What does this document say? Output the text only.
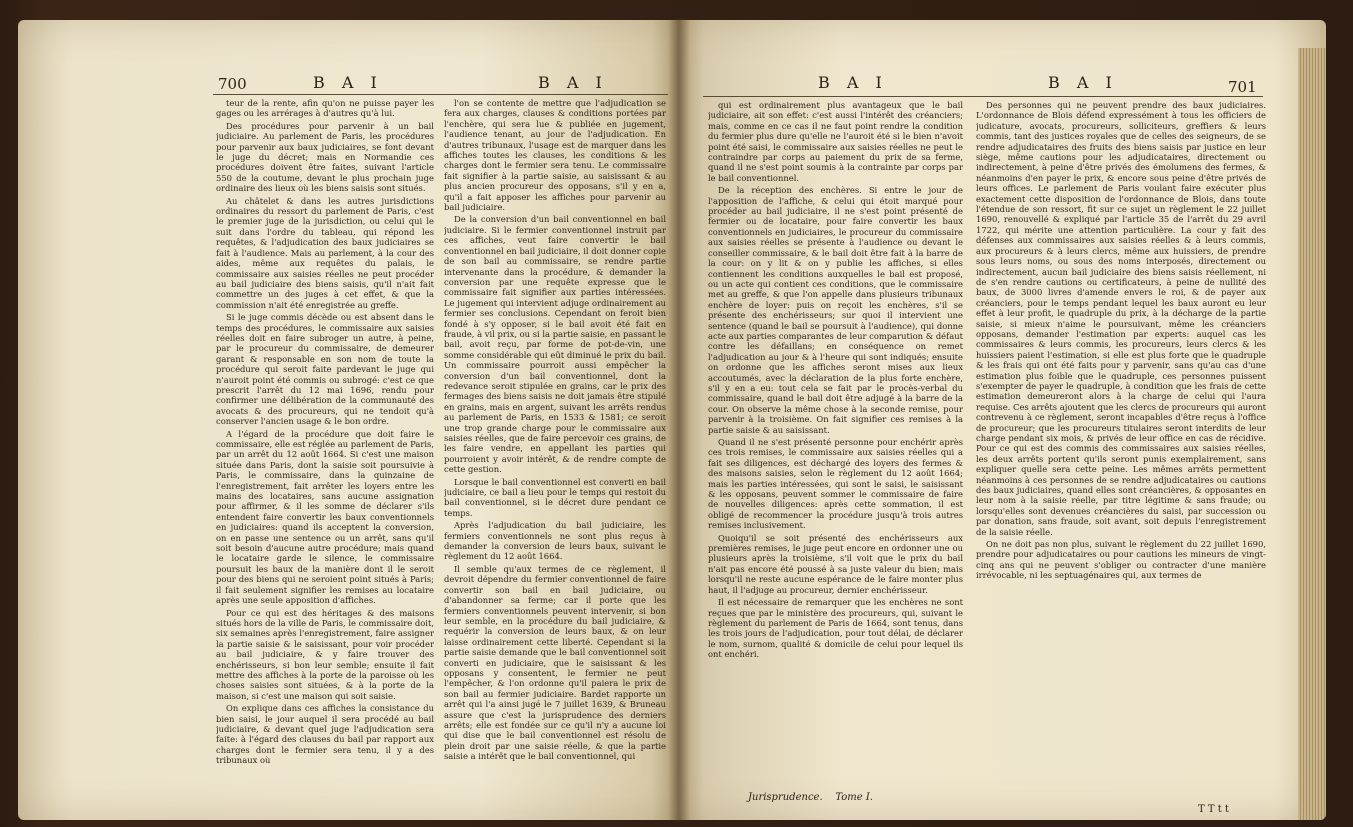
700	B A I	B A I

teur de la rente, afin qu'on ne puisse payer les gages ou les arrérages à d'autres qu'à lui.

Des procédures pour parvenir à un bail judiciaire. Au parlement de Paris, les procédures pour parvenir aux baux judiciaires, se font devant le juge du décret; mais en Normandie ces procédures doivent être faites, suivant l'article 550 de la coutume, devant le plus prochain juge ordinaire des lieux où les biens saisis sont situés.

Au châtelet & dans les autres jurisdictions ordinaires du ressort du parlement de Paris, c'est le premier juge de la jurisdiction, ou celui qui le suit dans l'ordre du tableau, qui répond les requêtes, & l'adjudication des baux judiciaires se fait à l'audience. Mais au parlement, à la cour des aides, même aux requêtes du palais, le commissaire aux saisies réelles ne peut procéder au bail judiciaire des biens saisis, qu'il n'ait fait commettre un des juges à cet effet, & que la commission n'ait été enregistrée au greffe.

Si le juge commis décède ou est absent dans le temps des procédures, le commissaire aux saisies réelles doit en faire subroger un autre, à peine, par le procureur du commissaire, de demeurer garant & responsable en son nom de toute la procédure qui seroit faite pardevant le juge qui n'auroit point été commis ou subrogé: c'est ce que prescrit l'arrêt du 12 mai 1696, rendu pour confirmer une délibération de la communauté des avocats & des procureurs, qui ne tendoit qu'à conserver l'ancien usage & le bon ordre.

A l'égard de la procédure que doit faire le commissaire, elle est réglée au parlement de Paris, par un arrêt du 12 août 1664. Si c'est une maison située dans Paris, dont la saisie soit poursuivie à Paris, le commissaire, dans la quinzaine de l'enregistrement, fait arrêter les loyers entre les mains des locataires, sans aucune assignation pour affirmer, & il les somme de déclarer s'ils entendent faire convertir les baux conventionnels en judiciaires: quand ils acceptent la conversion, on en passe une sentence ou un arrêt, sans qu'il soit besoin d'aucune autre procédure; mais quand le locataire garde le silence, le commissaire poursuit les baux de la manière dont il le seroit pour des biens qui ne seroient point situés à Paris; il fait seulement signifier les remises au locataire après une seule apposition d'affiches.

Pour ce qui est des héritages & des maisons situés hors de la ville de Paris, le commissaire doit, six semaines après l'enregistrement, faire assigner la partie saisie & le saisissant, pour voir procéder au bail judiciaire, & y faire trouver des enchérisseurs, si bon leur semble; ensuite il fait mettre des affiches à la porte de la paroisse où les choses saisies sont situées, & à la porte de la maison, si c'est une maison qui soit saisie.

On explique dans ces affiches la consistance du bien saisi, le jour auquel il sera procédé au bail judiciaire, & devant quel juge l'adjudication sera faite: à l'égard des clauses du bail par rapport aux charges dont le fermier sera tenu, il y a des tribunaux où

l'on se contente de mettre que l'adjudication se fera aux charges, clauses & conditions portées par l'enchère, qui sera lue & publiée en jugement, l'audience tenant, au jour de l'adjudication. En d'autres tribunaux, l'usage est de marquer dans les affiches toutes les clauses, les conditions & les charges dont le fermier sera tenu. Le commissaire fait signifier à la partie saisie, au saisissant & au plus ancien procureur des opposans, s'il y en a, qu'il a fait apposer les affiches pour parvenir au bail judiciaire.

De la conversion d'un bail conventionnel en bail judiciaire. Si le fermier conventionnel instruit par ces affiches, veut faire convertir le bail conventionnel en bail judiciaire, il doit donner copie de son bail au commissaire, se rendre partie intervenante dans la procédure, & demander la conversion par une requête expresse que le commissaire fait signifier aux parties intéressées. Le jugement qui intervient adjuge ordinairement au fermier ses conclusions. Cependant on feroit bien fondé à s'y opposer, si le bail avoit été fait en fraude, à vil prix, ou si la partie saisie, en passant le bail, avoit reçu, par forme de pot-de-vin, une somme considérable qui eût diminué le prix du bail. Un commissaire pourroit aussi empêcher la conversion d'un bail conventionnel, dont la redevance seroit stipulée en grains, car le prix des fermages des biens saisis ne doit jamais être stipulé en grains, mais en argent, suivant les arrêts rendus au parlement de Paris, en 1533 & 1581; ce seroit une trop grande charge pour le commissaire aux saisies réelles, que de faire percevoir ces grains, de les faire vendre, en appellant les parties qui pourroient y avoir intérêt, & de rendre compte de cette gestion.

Lorsque le bail conventionnel est converti en bail judiciaire, ce bail a lieu pour le temps qui restoit du bail conventionnel, si le décret dure pendant ce temps.

Après l'adjudication du bail judiciaire, les fermiers conventionnels ne sont plus reçus à demander la conversion de leurs baux, suivant le règlement du 12 août 1664.

Il semble qu'aux termes de ce règlement, il devroit dépendre du fermier conventionnel de faire convertir son bail en bail judiciaire, ou d'abandonner sa ferme; car il porte que les fermiers conventionnels peuvent intervenir, si bon leur semble, en la procédure du bail judiciaire, & requérir la conversion de leurs baux, & on leur laisse ordinairement cette liberté. Cependant si la partie saisie demande que le bail conventionnel soit converti en judiciaire, que le saisissant & les opposans y consentent, le fermier ne peut l'empêcher, & l'on ordonne qu'il paiera le prix de son bail au fermier judiciaire. Bardet rapporte un arrêt qui l'a ainsi jugé le 7 juillet 1639, & Bruneau assure que c'est la jurisprudence des derniers arrêts; elle est fondée sur ce qu'il n'y a aucune loi qui dise que le bail conventionnel est résolu de plein droit par une saisie réelle, & que la partie saisie a intérêt que le bail conventionnel, qui

B A I	B A I	701

qui est ordinairement plus avantageux que le bail judiciaire, ait son effet: c'est aussi l'intérêt des créanciers; mais, comme en ce cas il ne faut point rendre la condition du fermier plus dure qu'elle ne l'auroit été si le bien n'avoit point été saisi, le commissaire aux saisies réelles ne peut le contraindre par corps au paiement du prix de sa ferme, quand il ne s'est point soumis à la contrainte par corps par le bail conventionnel.

De la réception des enchères. Si entre le jour de l'apposition de l'affiche, & celui qui étoit marqué pour procéder au bail judiciaire, il ne s'est point présenté de fermier ou de locataire, pour faire convertir les baux conventionnels en judiciaires, le procureur du commissaire aux saisies réelles se présente à l'audience ou devant le conseiller commissaire, & le bail doit être fait à la barre de la cour: on y lit & on y publie les affiches, si elles contiennent les conditions auxquelles le bail est proposé, ou un acte qui contient ces conditions, que le commissaire met au greffe, & que l'on appelle dans plusieurs tribunaux enchère de loyer: puis on reçoit les enchères, s'il se présente des enchérisseurs; sur quoi il intervient une sentence (quand le bail se poursuit à l'audience), qui donne acte aux parties comparantes de leur comparution & défaut contre les défaillans; en conséquence on remet l'adjudication au jour & à l'heure qui sont indiqués; ensuite on ordonne que les affiches seront mises aux lieux accoutumés, avec la déclaration de la plus forte enchère, s'il y en a eu: tout cela se fait par le procès-verbal du commissaire, quand le bail doit être adjugé à la barre de la cour. On observe la même chose à la seconde remise, pour parvenir à la troisième. On fait signifier ces remises à la partie saisie & au saisissant.

Quand il ne s'est présenté personne pour enchérir après ces trois remises, le commissaire aux saisies réelles qui a fait ses diligences, est déchargé des loyers des fermes & des maisons saisies, selon le règlement du 12 août 1664; mais les parties intéressées, qui sont le saisi, le saisissant & les opposans, peuvent sommer le commissaire de faire de nouvelles diligences: après cette sommation, il est obligé de recommencer la procédure jusqu'à trois autres remises inclusivement.

Quoiqu'il se soit présenté des enchérisseurs aux premières remises, le juge peut encore en ordonner une ou plusieurs après la troisième, s'il voit que le prix du bail n'ait pas encore été poussé à sa juste valeur du bien; mais lorsqu'il ne reste aucune espérance de le faire monter plus haut, il l'adjuge au procureur, dernier enchérisseur.

Il est nécessaire de remarquer que les enchères ne sont reçues que par le ministère des procureurs, qui, suivant le règlement du parlement de Paris de 1664, sont tenus, dans les trois jours de l'adjudication, pour tout délai, de déclarer le nom, surnom, qualité & domicile de celui pour lequel ils ont enchéri.

Jurisprudence.    Tome I.

Des personnes qui ne peuvent prendre des baux judiciaires. L'ordonnance de Blois défend expressément à tous les officiers de judicature, avocats, procureurs, solliciteurs, greffiers & leurs commis, tant des justices royales que de celles des seigneurs, de se rendre adjudicataires des fruits des biens saisis par justice en leur siège, même cautions pour les adjudicataires, directement ou indirectement, à peine d'être privés des émolumens des fermes, & néanmoins d'en payer le prix, & encore sous peine d'être privés de leurs offices. Le parlement de Paris voulant faire exécuter plus exactement cette disposition de l'ordonnance de Blois, dans toute l'étendue de son ressort, fit sur ce sujet un règlement le 22 juillet 1690, renouvellé & expliqué par l'article 35 de l'arrêt du 29 avril 1722, qui mérite une attention particulière. La cour y fait des défenses aux commissaires aux saisies réelles & à leurs commis, aux procureurs & à leurs clercs, même aux huissiers, de prendre sous leurs noms, ou sous des noms interposés, directement ou indirectement, aucun bail judiciaire des biens saisis réellement, ni de s'en rendre cautions ou certificateurs, à peine de nullité des baux, de 3000 livres d'amende envers le roi, & de payer aux créanciers, pour le temps pendant lequel les baux auront eu leur effet à leur profit, le quadruple du prix, à la décharge de la partie saisie, si mieux n'aime le poursuivant, même les créanciers opposans, demander l'estimation par experts: auquel cas les commissaires & leurs commis, les procureurs, leurs clercs & les huissiers paient l'estimation, si elle est plus forte que le quadruple & les frais qui ont été faits pour y parvenir, sans qu'au cas d'une estimation plus foible que le quadruple, ces personnes puissent s'exempter de payer le quadruple, à condition que les frais de cette estimation demeureront alors à la charge de celui qui l'aura requise. Ces arrêts ajoutent que les clercs de procureurs qui auront contrevenu à ce règlement, seront incapables d'être reçus à l'office de procureur; que les procureurs titulaires seront interdits de leur charge pendant six mois, & privés de leur office en cas de récidive. Pour ce qui est des commis des commissaires aux saisies réelles, les deux arrêts portent qu'ils seront punis exemplairement, sans expliquer quelle sera cette peine. Les mêmes arrêts permettent néanmoins à ces personnes de se rendre adjudicataires ou cautions des baux judiciaires, quand elles sont créancières, & opposantes en leur nom à la saisie réelle, par titre légitime & sans fraude; ou lorsqu'elles sont devenues créancières du saisi, par succession ou par donation, sans fraude, soit avant, soit depuis l'enregistrement de la saisie réelle.

On ne doit pas non plus, suivant le règlement du 22 juillet 1690, prendre pour adjudicataires ou pour cautions les mineurs de vingt-cinq ans qui ne peuvent s'obliger ou contracter d'une manière irrévocable, ni les septuagénaires qui, aux termes de

T T t t
